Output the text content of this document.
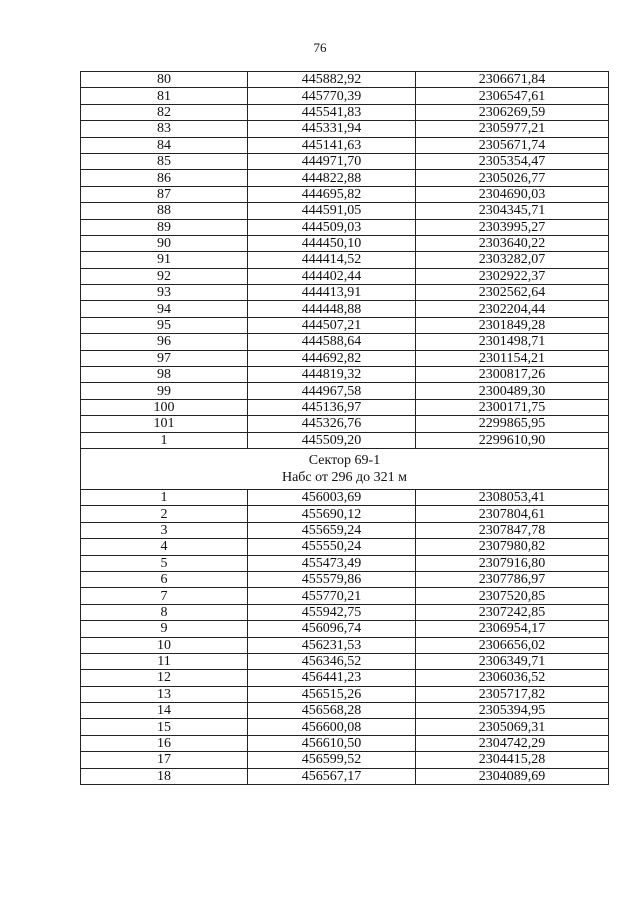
76
80	445882,92	2306671,84
81	445770,39	2306547,61
82	445541,83	2306269,59
83	445331,94	2305977,21
84	445141,63	2305671,74
85	444971,70	2305354,47
86	444822,88	2305026,77
87	444695,82	2304690,03
88	444591,05	2304345,71
89	444509,03	2303995,27
90	444450,10	2303640,22
91	444414,52	2303282,07
92	444402,44	2302922,37
93	444413,91	2302562,64
94	444448,88	2302204,44
95	444507,21	2301849,28
96	444588,64	2301498,71
97	444692,82	2301154,21
98	444819,32	2300817,26
99	444967,58	2300489,30
100	445136,97	2300171,75
101	445326,76	2299865,95
1	445509,20	2299610,90

Сектор 69-1
Набс от 296 до 321 м		

1	456003,69	2308053,41
2	455690,12	2307804,61
3	455659,24	2307847,78
4	455550,24	2307980,82
5	455473,49	2307916,80
6	455579,86	2307786,97
7	455770,21	2307520,85
8	455942,75	2307242,85
9	456096,74	2306954,17
10	456231,53	2306656,02
11	456346,52	2306349,71
12	456441,23	2306036,52
13	456515,26	2305717,82
14	456568,28	2305394,95
15	456600,08	2305069,31
16	456610,50	2304742,29
17	456599,52	2304415,28
18	456567,17	2304089,69
